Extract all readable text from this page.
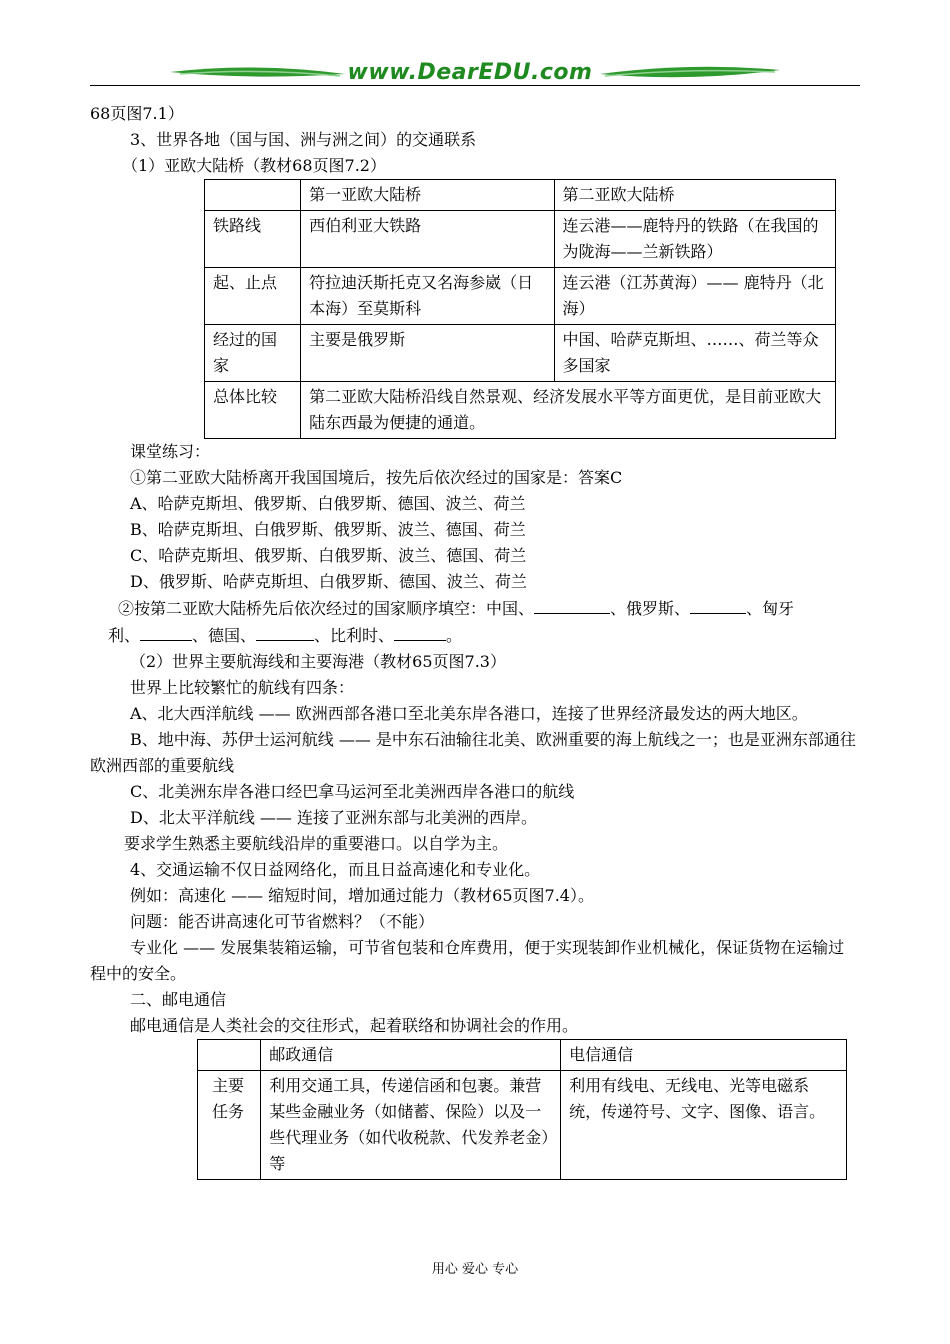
www.DearEDU.com
68页图7.1）
3、世界各地（国与国、洲与洲之间）的交通联系
（1）亚欧大陆桥（教材68页图7.2）
	第一亚欧大陆桥	第二亚欧大陆桥
铁路线	西伯利亚大铁路	连云港——鹿特丹的铁路（在我国的为陇海——兰新铁路）
起、止点	符拉迪沃斯托克又名海参崴（日本海）至莫斯科	连云港（江苏黄海）—— 鹿特丹（北海）
经过的国家	主要是俄罗斯	中国、哈萨克斯坦、……、荷兰等众多国家
总体比较	第二亚欧大陆桥沿线自然景观、经济发展水平等方面更优，是目前亚欧大陆东西最为便捷的通道。	
课堂练习：
①第二亚欧大陆桥离开我国国境后，按先后依次经过的国家是：答案C
A、哈萨克斯坦、俄罗斯、白俄罗斯、德国、波兰、荷兰
B、哈萨克斯坦、白俄罗斯、俄罗斯、波兰、德国、荷兰
C、哈萨克斯坦、俄罗斯、白俄罗斯、波兰、德国、荷兰
D、俄罗斯、哈萨克斯坦、白俄罗斯、德国、波兰、荷兰
②按第二亚欧大陆桥先后依次经过的国家顺序填空：中国、	、俄罗斯、	、匈牙
利、	、德国、	、比利时、	。
（2）世界主要航海线和主要海港（教材65页图7.3）
世界上比较繁忙的航线有四条：
A、北大西洋航线 —— 欧洲西部各港口至北美东岸各港口，连接了世界经济最发达的两大地区。
B、地中海、苏伊士运河航线 —— 是中东石油输往北美、欧洲重要的海上航线之一；也是亚洲东部通往欧洲西部的重要航线
C、北美洲东岸各港口经巴拿马运河至北美洲西岸各港口的航线
D、北太平洋航线 —— 连接了亚洲东部与北美洲的西岸。
要求学生熟悉主要航线沿岸的重要港口。以自学为主。
4、交通运输不仅日益网络化，而且日益高速化和专业化。
例如：高速化 —— 缩短时间，增加通过能力（教材65页图7.4）。
问题：能否讲高速化可节省燃料？（不能）
专业化 —— 发展集装箱运输，可节省包装和仓库费用，便于实现装卸作业机械化，保证货物在运输过程中的安全。
二、邮电通信
邮电通信是人类社会的交往形式，起着联络和协调社会的作用。
	邮政通信	电信通信
主要任务	利用交通工具，传递信函和包裹。兼营某些金融业务（如储蓄、保险）以及一些代理业务（如代收税款、代发养老金）等	利用有线电、无线电、光等电磁系统，传递符号、文字、图像、语言。
用心 爱心 专心
